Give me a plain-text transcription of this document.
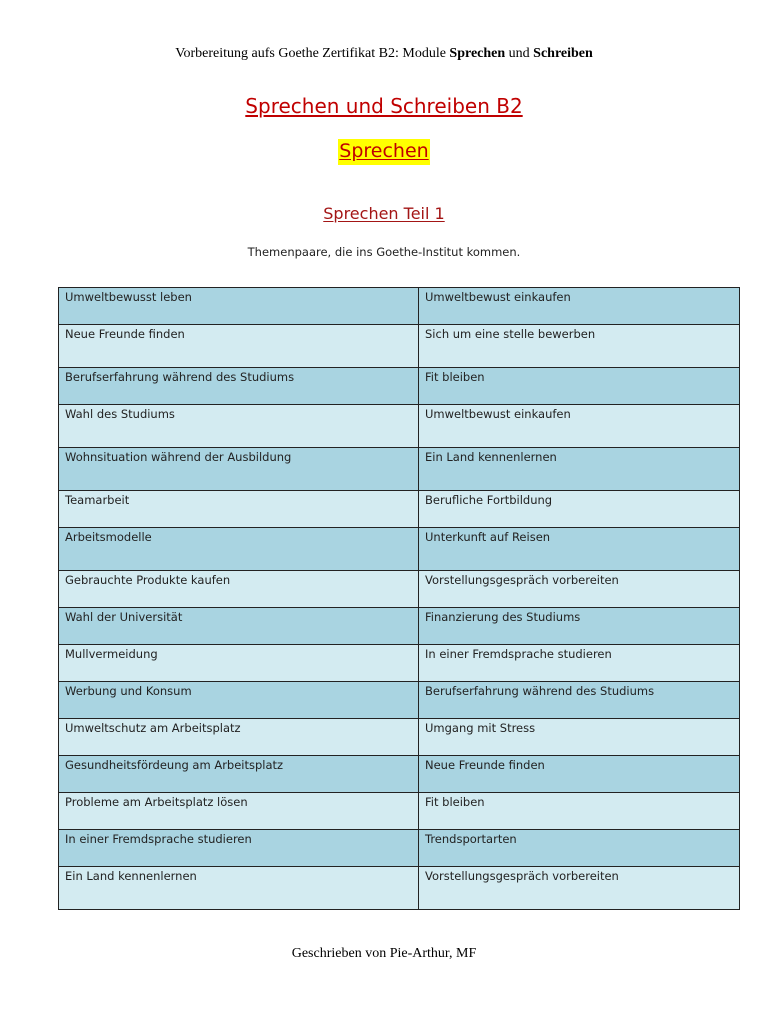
Vorbereitung aufs Goethe Zertifikat B2: Module Sprechen und Schreiben
Sprechen und Schreiben B2
Sprechen
Sprechen Teil 1
Themenpaare, die ins Goethe-Institut kommen.
Umweltbewusst leben	Umweltbewust einkaufen
Neue Freunde finden	Sich um eine stelle bewerben
Berufserfahrung während des Studiums	Fit bleiben
Wahl des Studiums	Umweltbewust einkaufen
Wohnsituation während der Ausbildung	Ein Land kennenlernen
Teamarbeit	Berufliche Fortbildung
Arbeitsmodelle	Unterkunft auf Reisen
Gebrauchte Produkte kaufen	Vorstellungsgespräch vorbereiten
Wahl der Universität	Finanzierung des Studiums
Mullvermeidung	In einer Fremdsprache studieren
Werbung und Konsum	Berufserfahrung während des Studiums
Umweltschutz am Arbeitsplatz	Umgang mit Stress
Gesundheitsfördeung am Arbeitsplatz	Neue Freunde finden
Probleme am Arbeitsplatz lösen	Fit bleiben
In einer Fremdsprache studieren	Trendsportarten
Ein Land kennenlernen	Vorstellungsgespräch vorbereiten
Geschrieben von Pie-Arthur, MF
